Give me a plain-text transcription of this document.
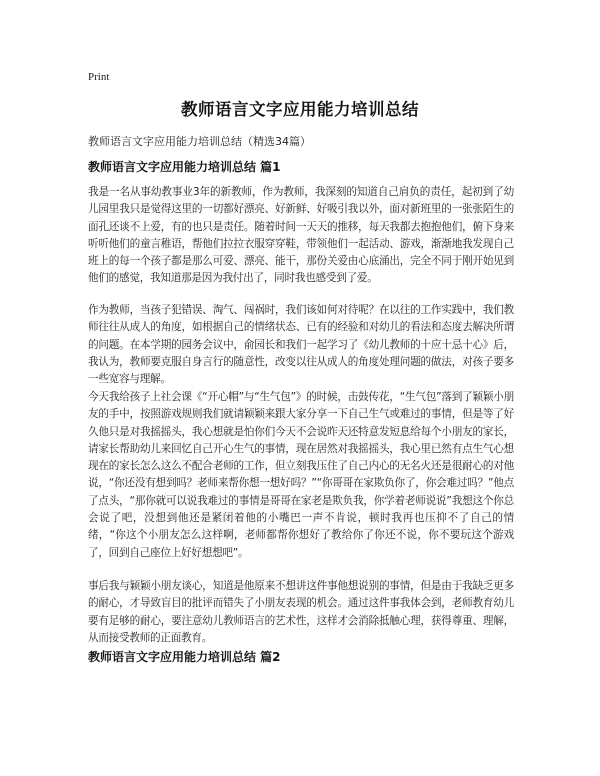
Print
教师语言文字应用能力培训总结
教师语言文字应用能力培训总结（精选34篇）
教师语言文字应用能力培训总结 篇1

我是一名从事幼教事业3年的新教师，作为教师，我深刻的知道自己肩负的责任，起初到了幼儿园里我只是觉得这里的一切都好漂亮、好新鲜、好吸引我以外，面对新班里的一张张陌生的面孔还谈不上爱，有的也只是责任。随着时间一天天的推移，每天我都去抱抱他们，俯下身来听听他们的童言稚语，帮他们拉拉衣服穿穿鞋，带领他们一起活动、游戏，渐渐地我发现自己班上的每一个孩子都是那么可爱、漂亮、能干，那份关爱由心底涌出，完全不同于刚开始见到他们的感觉，我知道那是因为我付出了，同时我也感受到了爱。

作为教师，当孩子犯错误、淘气、闯祸时，我们该如何对待呢？在以往的工作实践中，我们教师往往从成人的角度，如根据自己的情绪状态、已有的经验和对幼儿的看法和态度去解决所谓的问题。在本学期的园务会议中，俞园长和我们一起学习了《幼儿教师的十应十忌十心》后，我认为，教师要克服自身言行的随意性，改变以往从成人的角度处理问题的做法，对孩子要多一些宽容与理解。

今天我给孩子上社会课《“开心帽”与“生气包”》的时候，击鼓传花，“生气包”落到了颖颖小朋友的手中，按照游戏规则我们就请颖颖来跟大家分享一下自己生气或难过的事情，但是等了好久他只是对我摇摇头，我心想就是怕你们今天不会说昨天还特意发短息给每个小朋友的家长，请家长帮助幼儿来回忆自己开心生气的事情，现在居然对我摇摇头，我心里已然有点生气心想现在的家长怎么这么不配合老师的工作，但立刻我压住了自己内心的无名火还是很耐心的对他说，“你还没有想到吗？老师来帮你想一想好吗？”“你哥哥在家欺负你了，你会难过吗？”他点了点头，“那你就可以说我难过的事情是哥哥在家老是欺负我，你学着老师说说”我想这个你总会说了吧，没想到他还是紧闭着他的小嘴巴一声不肯说，顿时我再也压抑不了自己的情绪，“你这个小朋友怎么这样啊，老师都帮你想好了教给你了你还不说，你不要玩这个游戏了，回到自己座位上好好想想吧”。

事后我与颖颖小朋友谈心，知道是他原来不想讲这件事他想说别的事情，但是由于我缺乏更多的耐心，才导致盲目的批评而错失了小朋友表现的机会。通过这件事我体会到，老师教育幼儿要有足够的耐心，要注意幼儿教师语言的艺术性，这样才会消除抵触心理，获得尊重、理解，从而接受教师的正面教育。

教师语言文字应用能力培训总结 篇2
